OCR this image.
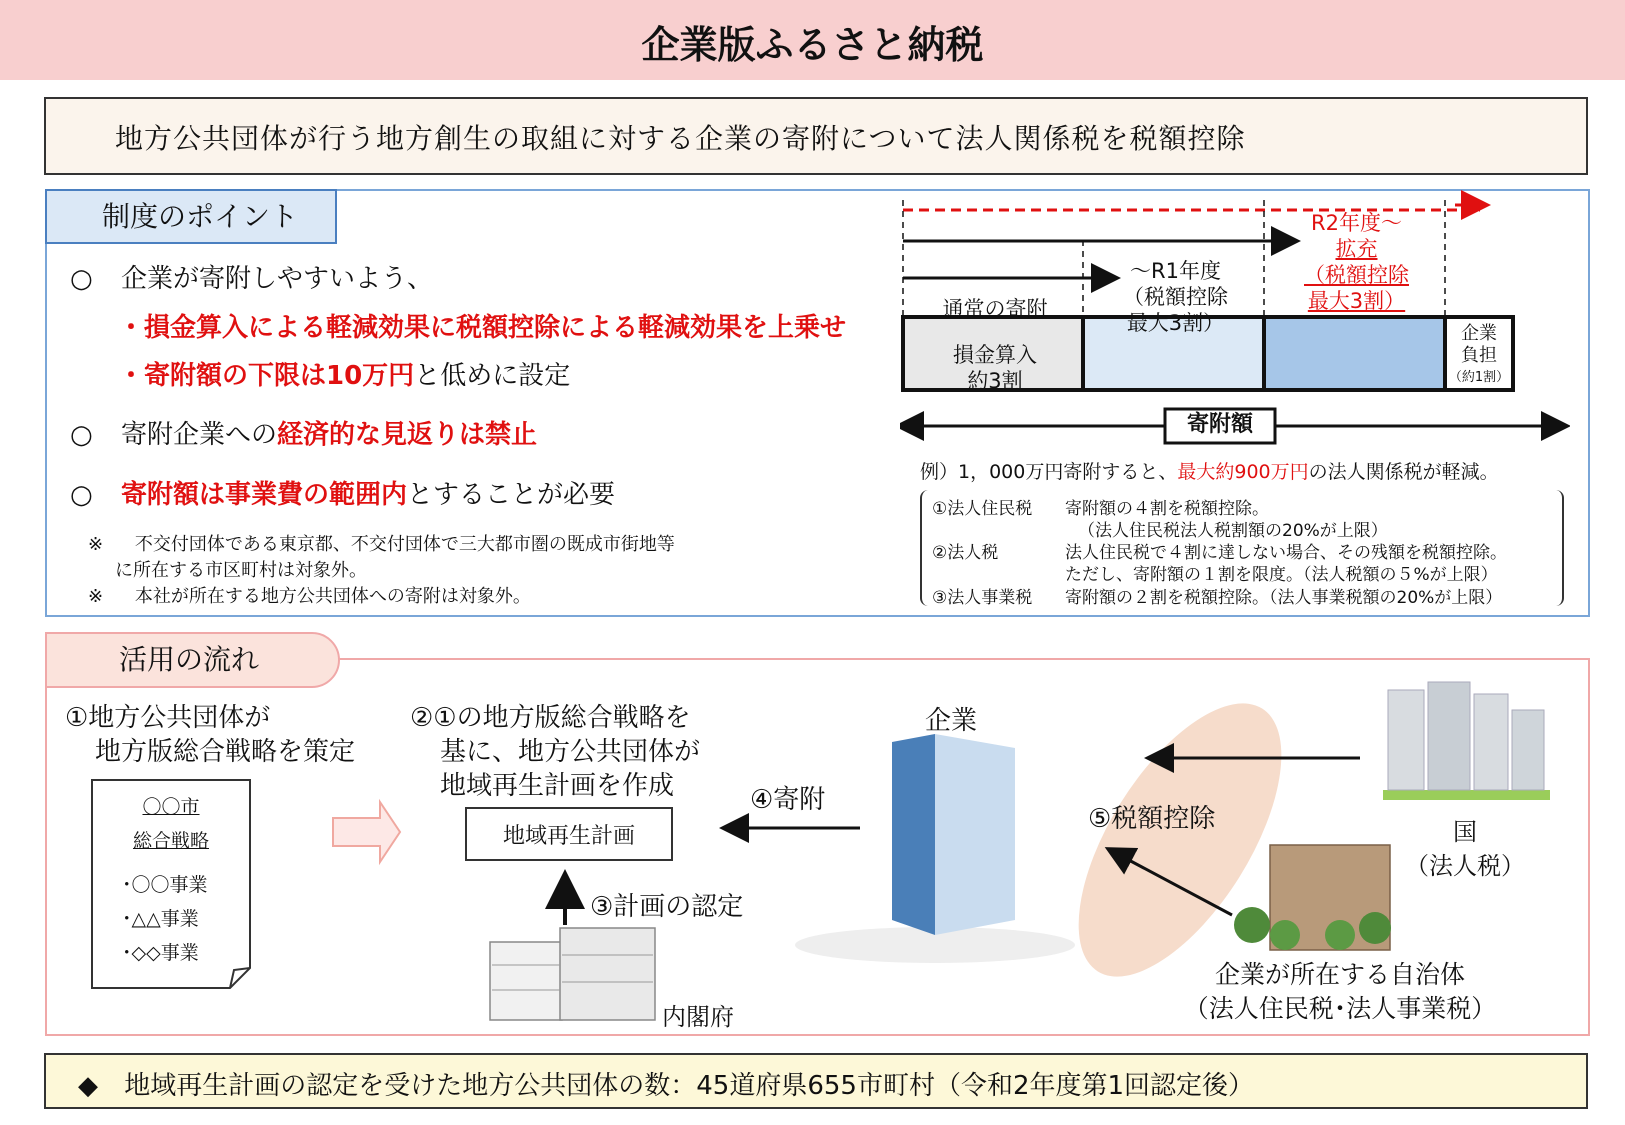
企業版ふるさと納税
地方公共団体が行う地方創生の取組に対する企業の寄附について法人関係税を税額控除
制度のポイント
○ 企業が寄附しやすいよう、
・損金算入による軽減効果に税額控除による軽減効果を上乗せ
・寄附額の下限は10万円と低めに設定
○ 寄附企業への経済的な見返りは禁止
○ 寄附額は事業費の範囲内とすることが必要
※ 不交付団体である東京都、不交付団体で三大都市圏の既成市街地等
に所在する市区町村は対象外。
※ 本社が所在する地方公共団体への寄附は対象外。
通常の寄附
～R1年度
（税額控除
最大3割）
R2年度～
拡充
（税額控除
最大3割）
損金算入
約3割
企業
負担
（約1割）
寄附額
例）1，000万円寄附すると、最大約900万円の法人関係税が軽減。
①法人住民税 寄附額の４割を税額控除。
（法人住民税法人税割額の20%が上限）
②法人税	法人住民税で４割に達しない場合、その残額を税額控除。
ただし、寄附額の１割を限度。（法人税額の５%が上限）
③法人事業税 寄附額の２割を税額控除。（法人事業税額の20%が上限）
活用の流れ
①地方公共団体が
地方版総合戦略を策定
〇〇市
総合戦略
･〇〇事業
･△△事業
･◇◇事業
②①の地方版総合戦略を
基に、地方公共団体が
地域再生計画を作成
地域再生計画
③計画の認定
内閣府
④寄附
企業
⑤税額控除	国
（法人税）
企業が所在する自治体
（法人住民税･法人事業税）
◆ 地域再生計画の認定を受けた地方公共団体の数：45道府県655市町村（令和2年度第1回認定後）
